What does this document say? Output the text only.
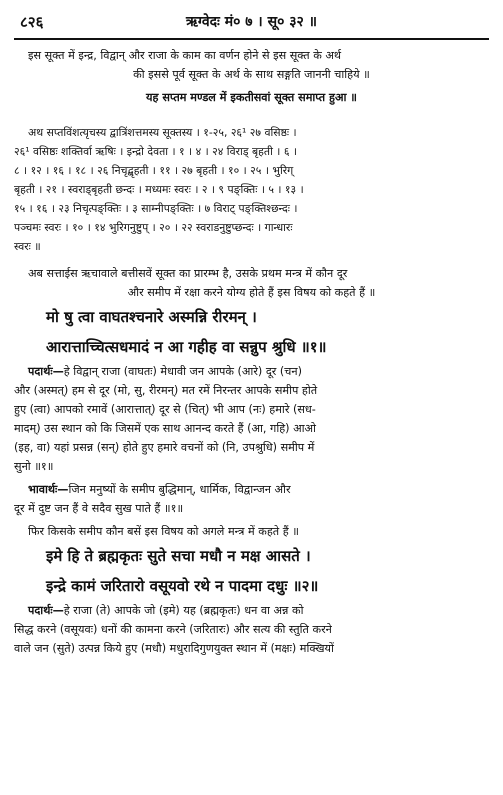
८२६	ऋग्वेदः मं० ७ । सू० ३२ ॥
इस सूक्त में इन्द्र, विद्वान् और राजा के काम का वर्णन होने से इस सूक्त के अर्थ
की इससे पूर्व सूक्त के अर्थ के साथ सङ्गति जाननी चाहिये ॥
यह सप्तम मण्डल में इकतीसवां सूक्त समाप्त हुआ ॥
अथ सप्तविंशत्यृचस्य द्वात्रिंशत्तमस्य सूक्तस्य । १-२५, २६¹ २७ वसिष्ठः ।
२६¹ वसिष्ठः शक्तिर्वा ऋषिः । इन्द्रो देवता । १ । ४ । २४ विराड् बृहती । ६ ।
८ । १२ । १६ । १८ । २६ निचृद्बृहती । ११ । २७ बृहती । १० । २५ । भुरिग्
बृहती । २१ । स्वराड्बृहती छन्दः । मध्यमः स्वरः । २ । ९ पङ्क्तिः । ५ । १३ ।
१५ । १६ । २३ निचृत्पङ्क्तिः । ३ साम्नीपङ्क्तिः । ७ विराट् पङ्क्तिश्छन्दः ।
पञ्चमः स्वरः । १० । १४ भुरिगनुष्टुप् । २० । २२ स्वराडनुष्टुप्छन्दः । गान्धारः
स्वरः ॥
अब सत्ताईस ऋचावाले बत्तीसवें सूक्त का प्रारम्भ है, उसके प्रथम मन्त्र में कौन दूर
और समीप में रक्षा करने योग्य होते हैं इस विषय को कहते हैं ॥
मो षु त्वा वाघतश्चनारे अस्मन्नि रीरमन् ।
आरात्ताच्चित्सधमादं न आ गहीह वा सन्नुप श्रुधि ॥१॥
पदार्थः—हे विद्वान् राजा (वाघतः) मेधावी जन आपके (आरे) दूर (चन)
और (अस्मत्) हम से दूर (मो, सु, रीरमन्) मत रमें निरन्तर आपके समीप होते
हुए (त्वा) आपको रमावें (आरात्तात्) दूर से (चित्) भी आप (नः) हमारे (सध-
मादम्) उस स्थान को कि जिसमें एक साथ आनन्द करते हैं (आ, गहि) आओ
(इह, वा) यहां प्रसन्न (सन्) होते हुए हमारे वचनों को (नि, उपश्रुधि) समीप में
सुनो ॥१॥
भावार्थः—जिन मनुष्यों के समीप बुद्धिमान्, धार्मिक, विद्वान्जन और
दूर में दुष्ट जन हैं वे सदैव सुख पाते हैं ॥१॥
फिर किसके समीप कौन बसें इस विषय को अगले मन्त्र में कहते हैं ॥
इमे हि ते ब्रह्मकृतः सुते सचा मधौ न मक्ष आसते ।
इन्द्रे कामं जरितारो वसूयवो रथे न पादमा दधुः ॥२॥
पदार्थः—हे राजा (ते) आपके जो (इमे) यह (ब्रह्मकृतः) धन वा अन्न को
सिद्ध करने (वसूयवः) धनों की कामना करने (जरितारः) और सत्य की स्तुति करने
वाले जन (सुते) उत्पन्न किये हुए (मधौ) मधुरादिगुणयुक्त स्थान में (मक्षः) मक्खियों
